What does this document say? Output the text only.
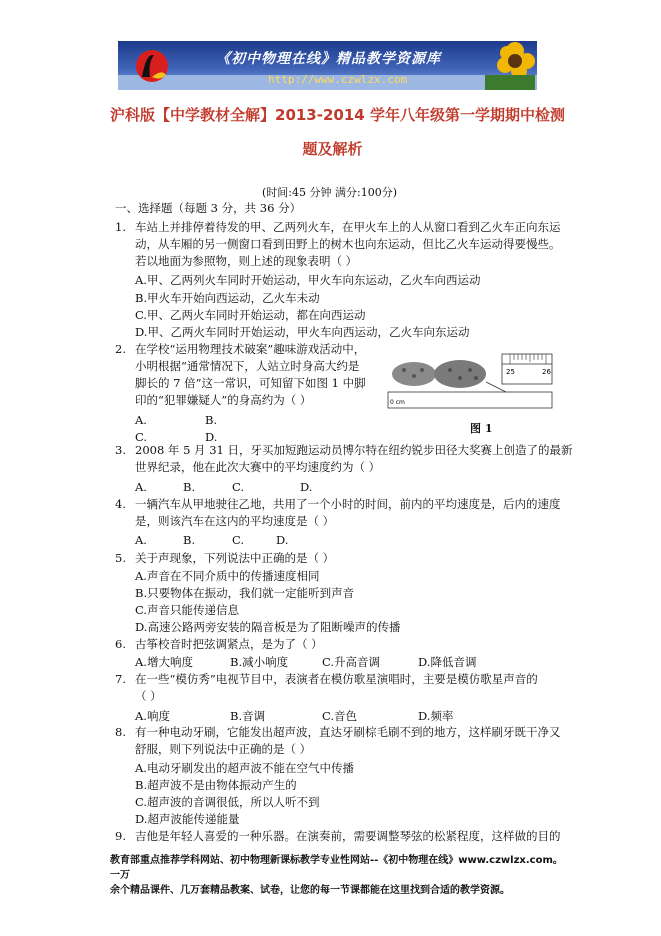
《初中物理在线》精品教学资源库
http://www.czwlzx.com
沪科版【中学教材全解】2013-2014 学年八年级第一学期期中检测
题及解析
(时间:45 分钟 满分:100分)
一、选择题（每题 3 分，共 36 分）
1. 车站上并排停着待发的甲、乙两列火车，在甲火车上的人从窗口看到乙火车正向东运
动，从车厢的另一侧窗口看到田野上的树木也向东运动，但比乙火车运动得要慢些。
若以地面为参照物，则上述的现象表明（ ）
A.甲、乙两列火车同时开始运动，甲火车向东运动，乙火车向西运动
B.甲火车开始向西运动，乙火车未动
C.甲、乙两火车同时开始运动，都在向西运动
D.甲、乙两火车同时开始运动，甲火车向西运动，乙火车向东运动
2. 在学校“运用物理技术破案”趣味游戏活动中，
小明根据“通常情况下，人站立时身高大约是
脚长的 7 倍”这一常识，可知留下如图 1 中脚
印的“犯罪嫌疑人”的身高约为（ ）
A.	B.
C.	D.
25	26
0 cm
图 1
3. 2008 年 5 月 31 日，牙买加短跑运动员博尔特在纽约锐步田径大奖赛上创造了的最新
世界纪录，他在此次大赛中的平均速度约为（ ）
A.	B.	C.	D.
4. 一辆汽车从甲地驶往乙地，共用了一个小时的时间，前内的平均速度是，后内的速度
是，则该汽车在这内的平均速度是（ ）
A.	B.	C.	D.
5. 关于声现象，下列说法中正确的是（ ）
A.声音在不同介质中的传播速度相同
B.只要物体在振动，我们就一定能听到声音
C.声音只能传递信息
D.高速公路两旁安装的隔音板是为了阻断噪声的传播
6. 古筝校音时把弦调紧点，是为了（ ）
A.增大响度	B.减小响度	C.升高音调	D.降低音调
7. 在一些“模仿秀”电视节目中，表演者在模仿歌星演唱时，主要是模仿歌星声音的
（ ）
A.响度	B.音调	C.音色	D.频率
8. 有一种电动牙刷，它能发出超声波，直达牙刷棕毛刷不到的地方，这样刷牙既干净又
舒服，则下列说法中正确的是（ ）
A.电动牙刷发出的超声波不能在空气中传播
B.超声波不是由物体振动产生的
C.超声波的音调很低，所以人听不到
D.超声波能传递能量
9. 吉他是年轻人喜爱的一种乐器。在演奏前，需要调整琴弦的松紧程度，这样做的目的
教育部重点推荐学科网站、初中物理新课标教学专业性网站--《初中物理在线》www.czwlzx.com。一万
余个精品课件、几万套精品教案、试卷，让您的每一节课都能在这里找到合适的教学资源。
